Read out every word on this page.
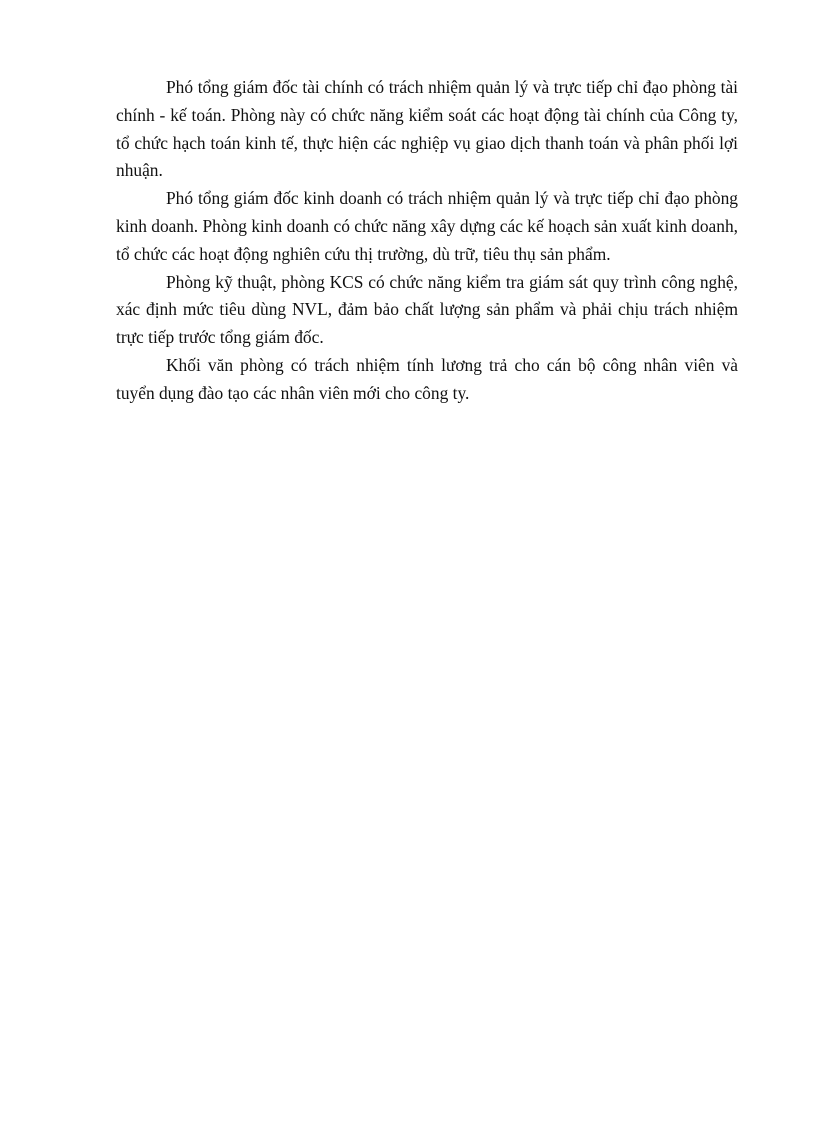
Phó tổng giám đốc tài chính có trách nhiệm quản lý và trực tiếp chỉ đạo phòng tài chính - kế toán. Phòng này có chức năng kiểm soát các hoạt động tài chính của Công ty, tổ chức hạch toán kinh tế, thực hiện các nghiệp vụ giao dịch thanh toán và phân phối lợi nhuận.

Phó tổng giám đốc kinh doanh có trách nhiệm quản lý và trực tiếp chỉ đạo phòng kinh doanh. Phòng kinh doanh có chức năng xây dựng các kế hoạch sản xuất kinh doanh, tổ chức các hoạt động nghiên cứu thị trường, dù trữ, tiêu thụ sản phẩm.

Phòng kỹ thuật, phòng KCS có chức năng kiểm tra giám sát quy trình công nghệ, xác định mức tiêu dùng NVL, đảm bảo chất lượng sản phẩm và phải chịu trách nhiệm trực tiếp trước tổng giám đốc.

Khối văn phòng có trách nhiệm tính lương trả cho cán bộ công nhân viên và tuyển dụng đào tạo các nhân viên mới cho công ty.
